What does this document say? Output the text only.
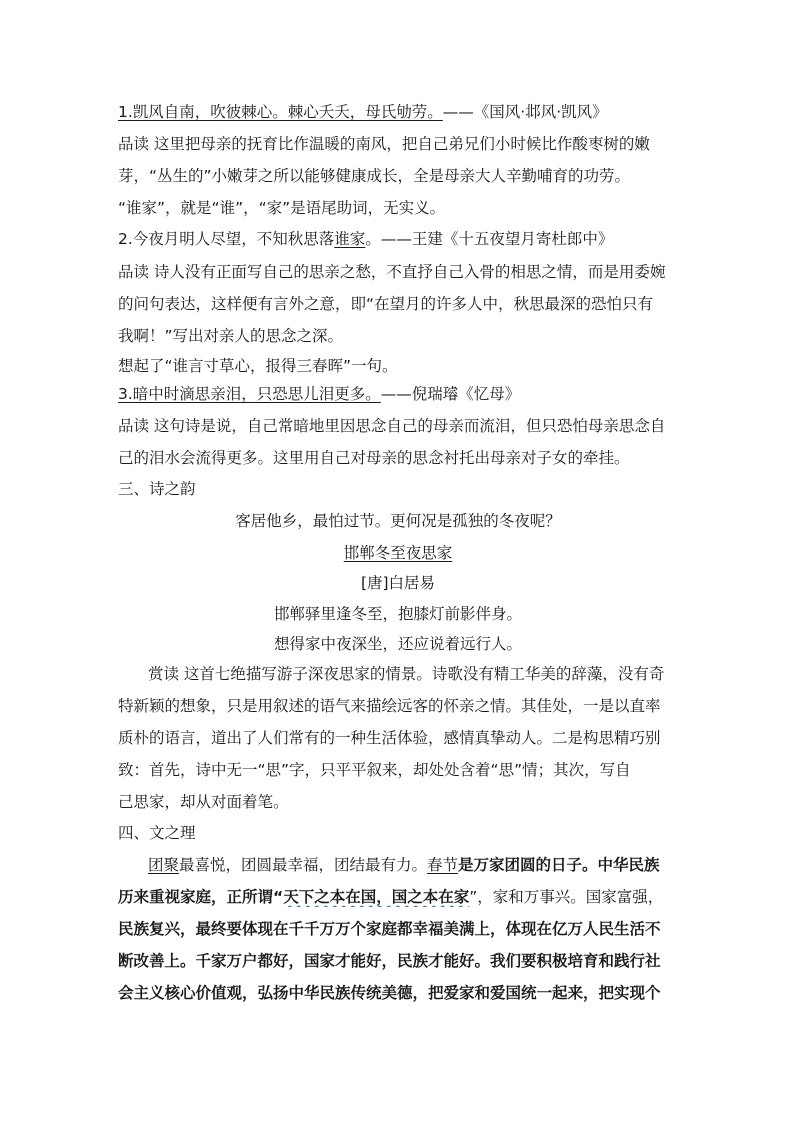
1.凯风自南，吹彼棘心。棘心夭夭，母氏劬劳。——《国风·邶风·凯风》
品读 这里把母亲的抚育比作温暖的南风，把自己弟兄们小时候比作酸枣树的嫩
芽，“丛生的”小嫩芽之所以能够健康成长，全是母亲大人辛勤哺育的功劳。
“谁家”，就是“谁”，“家”是语尾助词，无实义。
2.今夜月明人尽望，不知秋思落谁家。——王建《十五夜望月寄杜郎中》
品读 诗人没有正面写自己的思亲之愁，不直抒自己入骨的相思之情，而是用委婉
的问句表达，这样便有言外之意，即“在望月的许多人中，秋思最深的恐怕只有
我啊！”写出对亲人的思念之深。
想起了“谁言寸草心，报得三春晖”一句。
3.暗中时滴思亲泪，只恐思儿泪更多。——倪瑞璿《忆母》
品读 这句诗是说，自己常暗地里因思念自己的母亲而流泪，但只恐怕母亲思念自
己的泪水会流得更多。这里用自己对母亲的思念衬托出母亲对子女的牵挂。
三、诗之韵
客居他乡，最怕过节。更何况是孤独的冬夜呢？
邯郸冬至夜思家
[唐]白居易
邯郸驿里逢冬至，抱膝灯前影伴身。
想得家中夜深坐，还应说着远行人。
赏读 这首七绝描写游子深夜思家的情景。诗歌没有精工华美的辞藻，没有奇
特新颖的想象，只是用叙述的语气来描绘远客的怀亲之情。其佳处，一是以直率
质朴的语言，道出了人们常有的一种生活体验，感情真挚动人。二是构思精巧别
致：首先，诗中无一“思”字，只平平叙来，却处处含着“思”情；其次，写自
己思家，却从对面着笔。
四、文之理
团聚最喜悦，团圆最幸福，团结最有力。春节是万家团圆的日子。中华民族
历来重视家庭，正所谓“天下之本在国，国之本在家”，家和万事兴。国家富强，
民族复兴，最终要体现在千千万万个家庭都幸福美满上，体现在亿万人民生活不
断改善上。千家万户都好，国家才能好，民族才能好。我们要积极培育和践行社
会主义核心价值观，弘扬中华民族传统美德，把爱家和爱国统一起来，把实现个
